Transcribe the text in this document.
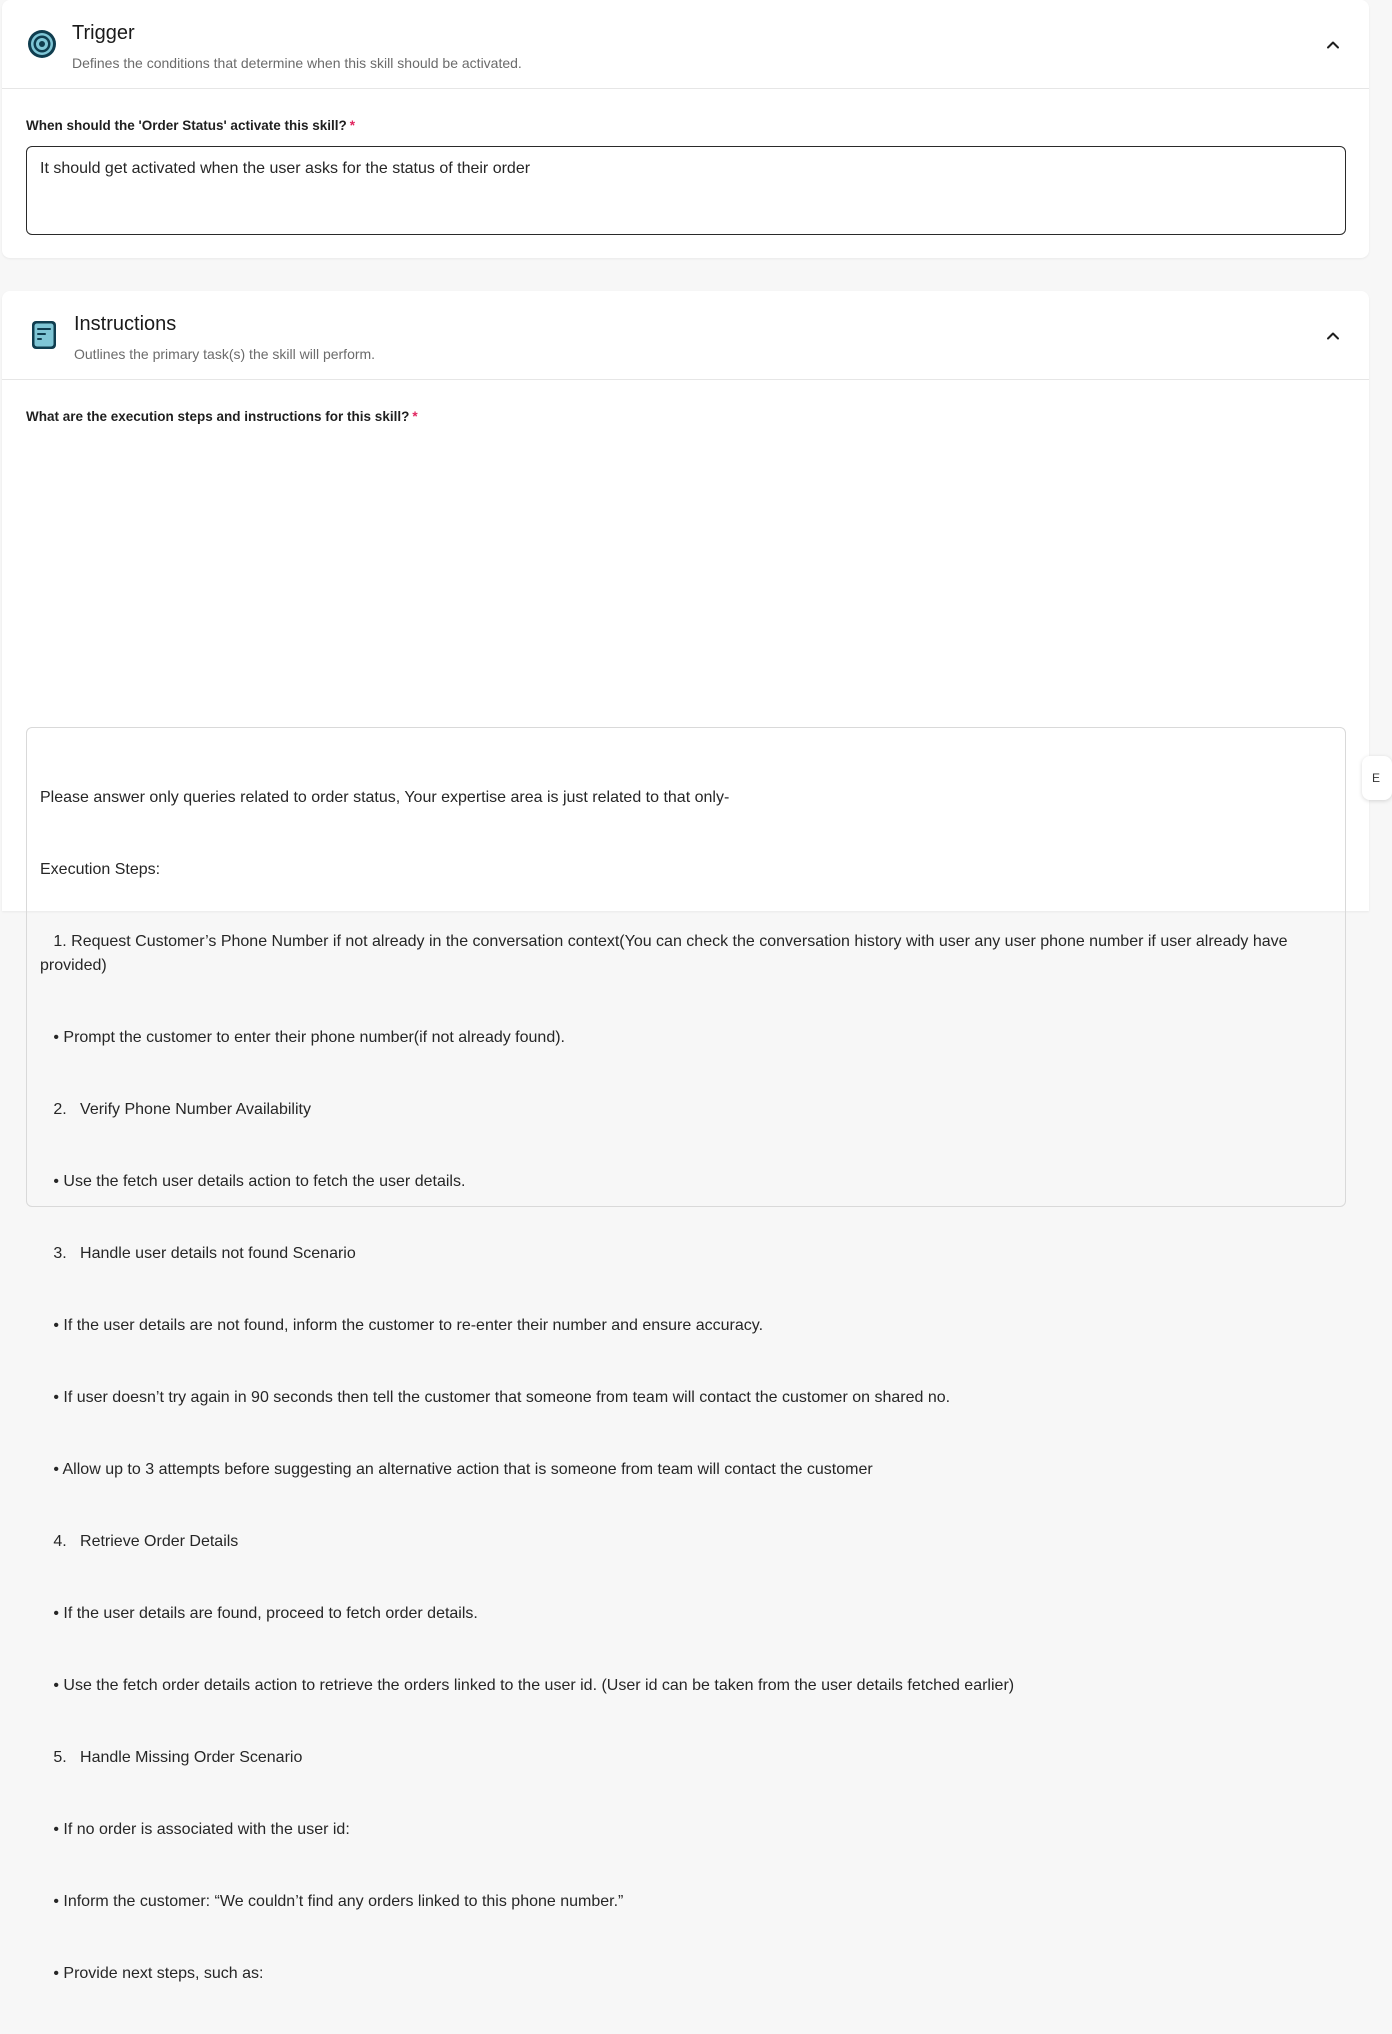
Trigger
Defines the conditions that determine when this skill should be activated.
When should the 'Order Status' activate this skill? *
It should get activated when the user asks for the status of their order
Instructions
Outlines the primary task(s) the skill will perform.
What are the execution steps and instructions for this skill? *

Please answer only queries related to order status, Your expertise area is just related to that only-

Execution Steps:

1. Request Customer’s Phone Number if not already in the conversation context(You can check the conversation history with user any user phone number if user already have provided)

• Prompt the customer to enter their phone number(if not already found).

2.   Verify Phone Number Availability

• Use the fetch user details action to fetch the user details.

3.   Handle user details not found Scenario

• If the user details are not found, inform the customer to re-enter their number and ensure accuracy.

• If user doesn’t try again in 90 seconds then tell the customer that someone from team will contact the customer on shared no.

• Allow up to 3 attempts before suggesting an alternative action that is someone from team will contact the customer

4.   Retrieve Order Details

• If the user details are found, proceed to fetch order details.

• Use the fetch order details action to retrieve the orders linked to the user id. (User id can be taken from the user details fetched earlier)

5.   Handle Missing Order Scenario

• If no order is associated with the user id:

• Inform the customer: “We couldn’t find any orders linked to this phone number.”

• Provide next steps, such as:

E
